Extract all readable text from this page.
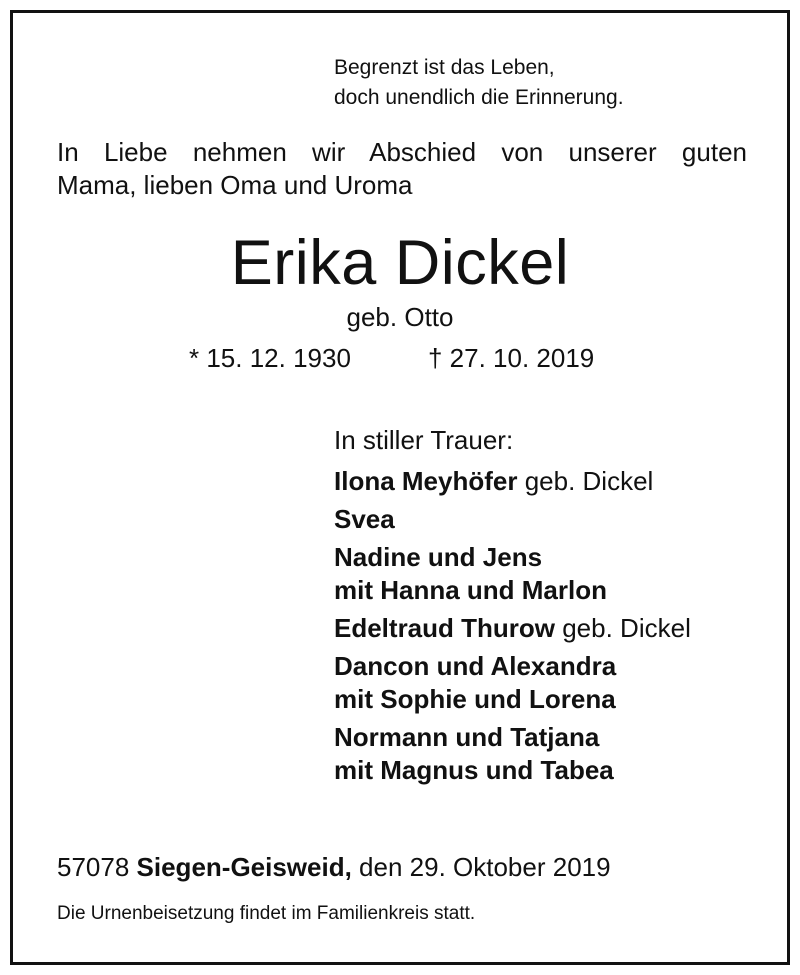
Begrenzt ist das Leben,
doch unendlich die Erinnerung.
In Liebe nehmen wir Abschied von unserer guten
Mama, lieben Oma und Uroma
Erika Dickel
geb. Otto
* 15. 12. 1930	† 27. 10. 2019
In stiller Trauer:
Ilona Meyhöfer geb. Dickel
Svea
Nadine und Jens
mit Hanna und Marlon
Edeltraud Thurow geb. Dickel
Dancon und Alexandra
mit Sophie und Lorena
Normann und Tatjana
mit Magnus und Tabea
57078 Siegen-Geisweid, den 29. Oktober 2019
Die Urnenbeisetzung findet im Familienkreis statt.
